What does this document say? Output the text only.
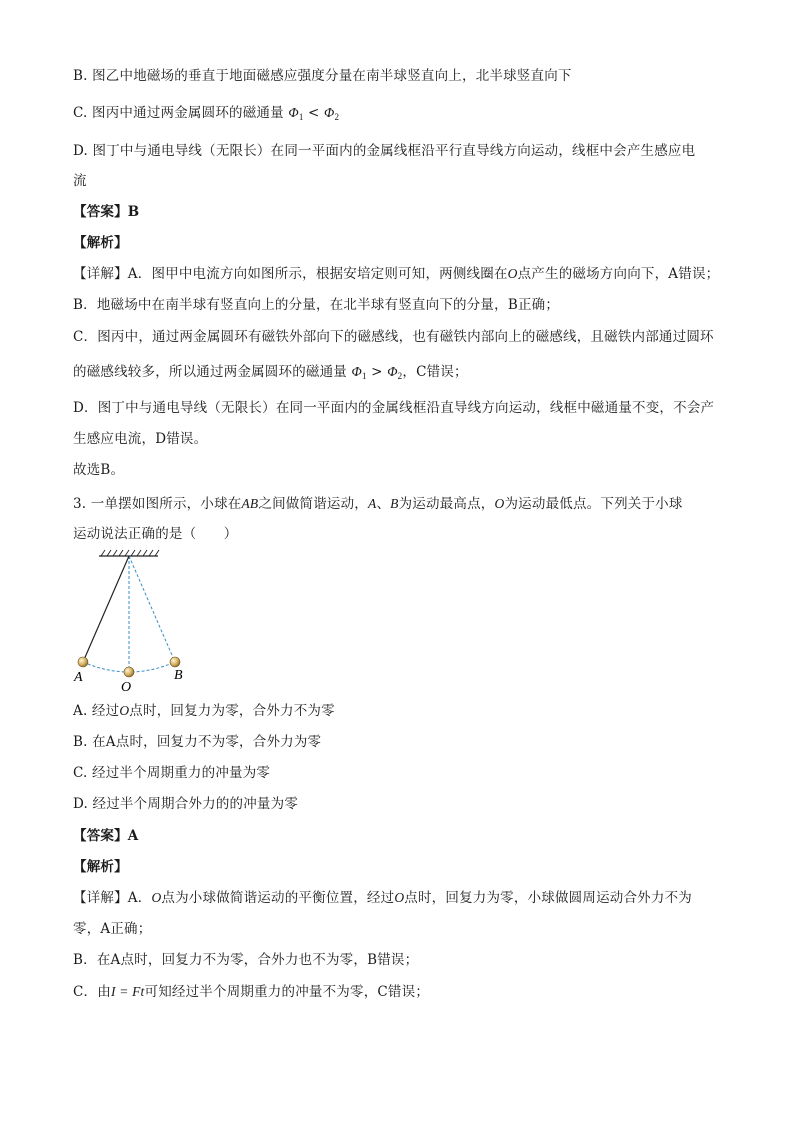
B. 图乙中地磁场的垂直于地面磁感应强度分量在南半球竖直向上，北半球竖直向下
C. 图丙中通过两金属圆环的磁通量 $\Phi_1 < \Phi_2$
D. 图丁中与通电导线（无限长）在同一平面内的金属线框沿平行直导线方向运动，线框中会产生感应电
流
【答案】B
【解析】
【详解】A．图甲中电流方向如图所示，根据安培定则可知，两侧线圈在O点产生的磁场方向向下，A错误；
B．地磁场中在南半球有竖直向上的分量，在北半球有竖直向下的分量，B正确；
C．图丙中，通过两金属圆环有磁铁外部向下的磁感线，也有磁铁内部向上的磁感线，且磁铁内部通过圆环
的磁感线较多，所以通过两金属圆环的磁通量 $\Phi_1 > \Phi_2$，C错误；
D．图丁中与通电导线（无限长）在同一平面内的金属线框沿直导线方向运动，线框中磁通量不变，不会产
生感应电流，D错误。
故选B。
3. 一单摆如图所示，小球在AB之间做简谐运动，A、B为运动最高点，O为运动最低点。下列关于小球
运动说法正确的是（　　）
A
O
B
A. 经过O点时，回复力为零，合外力不为零
B. 在A点时，回复力不为零，合外力为零
C. 经过半个周期重力的冲量为零
D. 经过半个周期合外力的的冲量为零
【答案】A
【解析】
【详解】A．O点为小球做简谐运动的平衡位置，经过O点时，回复力为零，小球做圆周运动合外力不为
零，A正确；
B．在A点时，回复力不为零，合外力也不为零，B错误；
C．由I = Ft可知经过半个周期重力的冲量不为零，C错误；
